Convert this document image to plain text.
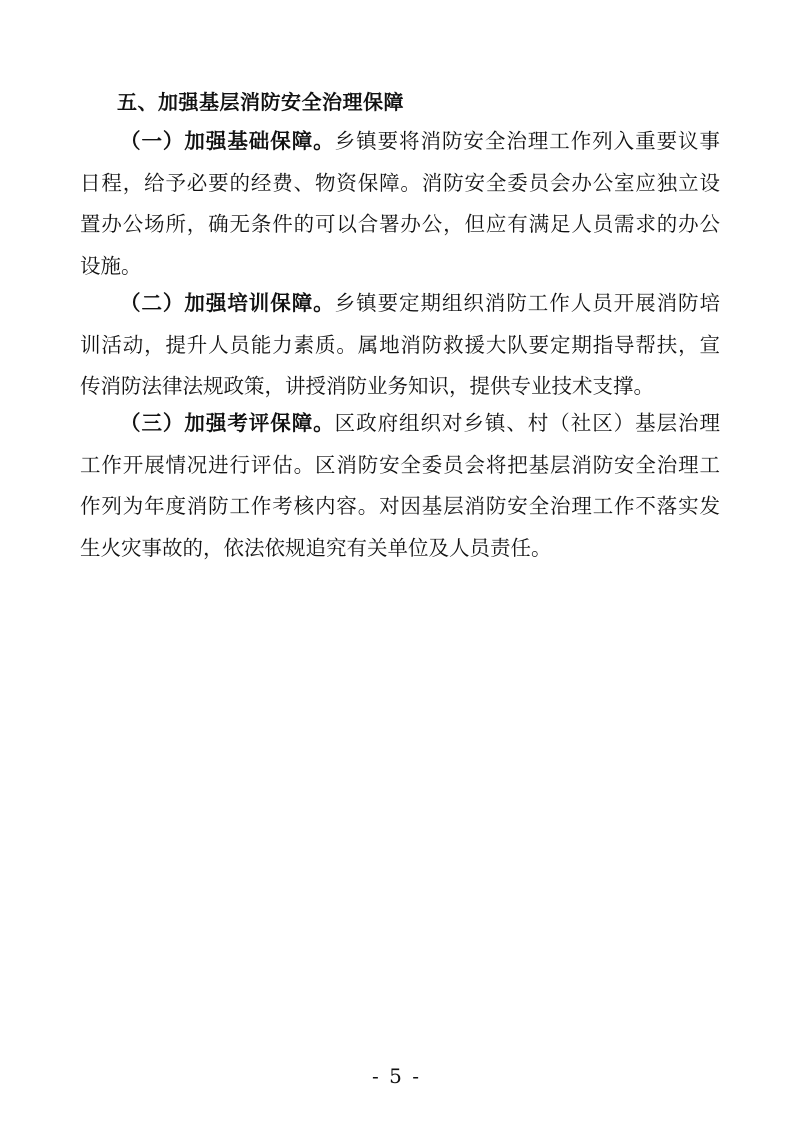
五、加强基层消防安全治理保障
（一）加强基础保障。乡镇要将消防安全治理工作列入重要议事
日程，给予必要的经费、物资保障。消防安全委员会办公室应独立设
置办公场所，确无条件的可以合署办公，但应有满足人员需求的办公
设施。
（二）加强培训保障。乡镇要定期组织消防工作人员开展消防培
训活动，提升人员能力素质。属地消防救援大队要定期指导帮扶，宣
传消防法律法规政策，讲授消防业务知识，提供专业技术支撑。
（三）加强考评保障。区政府组织对乡镇、村（社区）基层治理
工作开展情况进行评估。区消防安全委员会将把基层消防安全治理工
作列为年度消防工作考核内容。对因基层消防安全治理工作不落实发
生火灾事故的，依法依规追究有关单位及人员责任。
- 5 -
